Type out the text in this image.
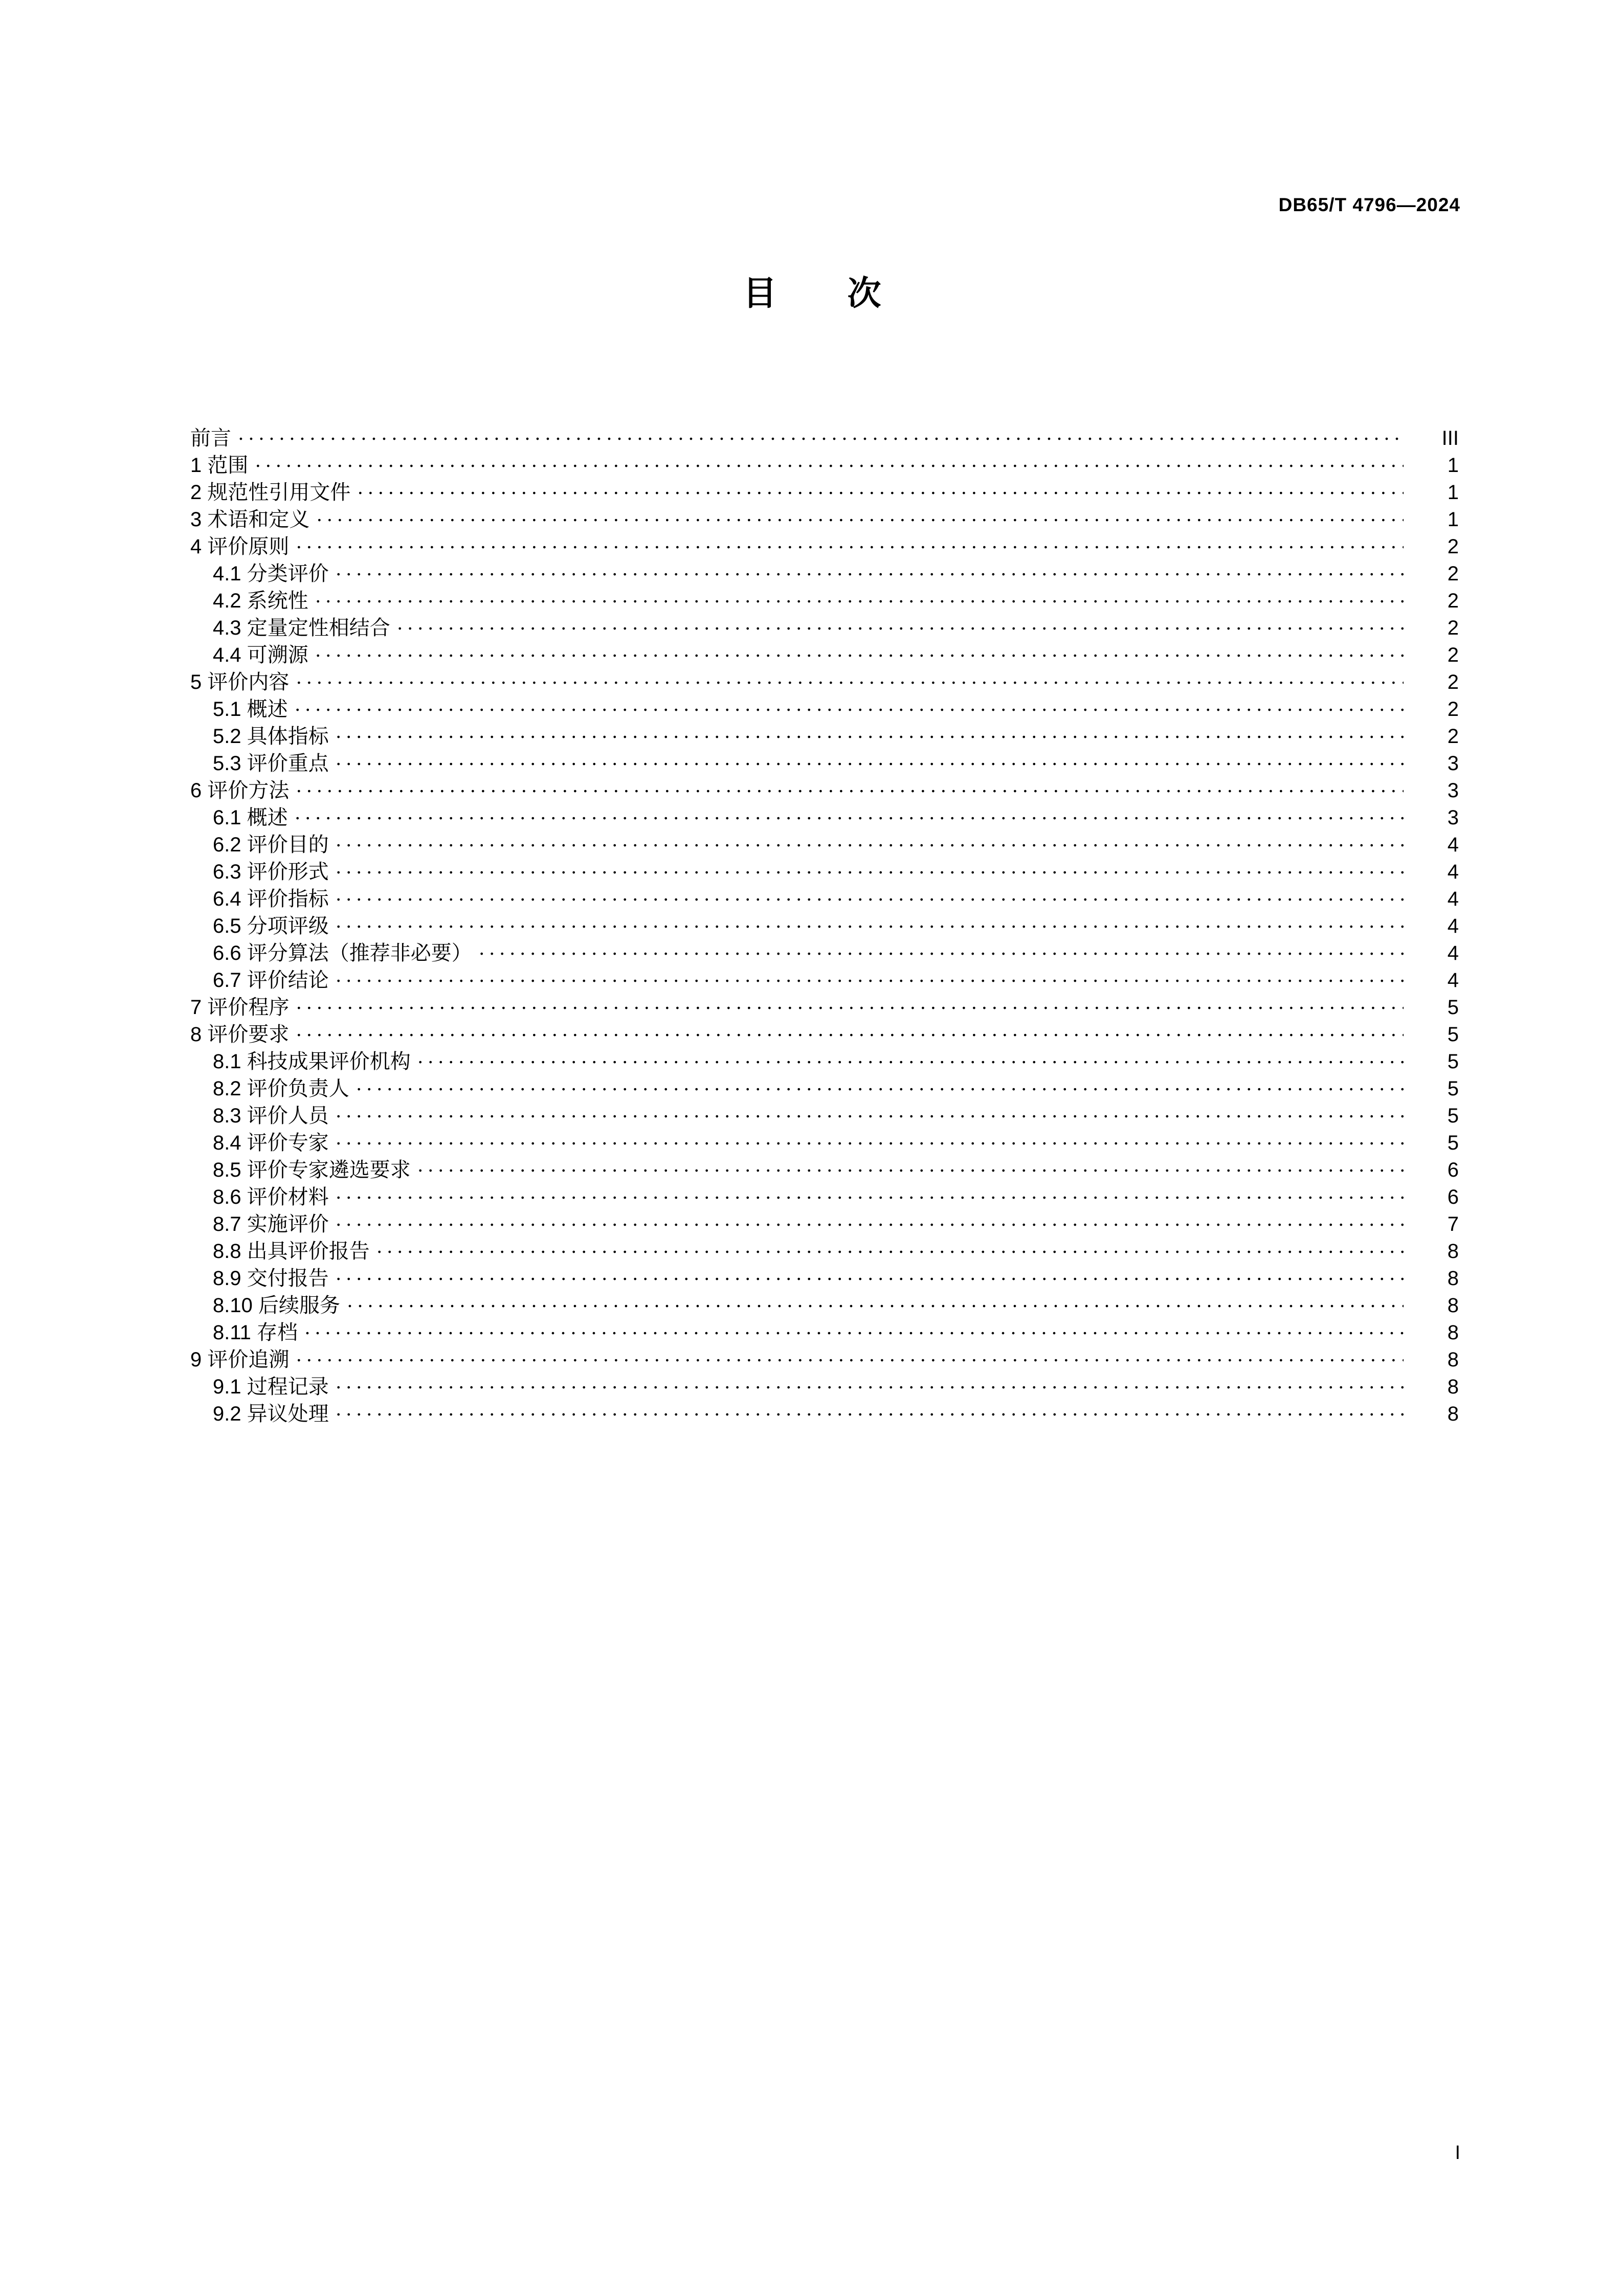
DB65/T 4796—2024
目　次
前言 . . .	III
1 范围 . . .	1
2 规范性引用文件 . . .	1
3 术语和定义 . . .	1
4 评价原则 . . .	2
4.1 分类评价 . . .	2
4.2 系统性 . . .	2
4.3 定量定性相结合 . . .	2
4.4 可溯源 . . .	2
5 评价内容 . . .	2
5.1 概述 . . .	2
5.2 具体指标 . . .	2
5.3 评价重点 . . .	3
6 评价方法 . . .	3
6.1 概述 . . .	3
6.2 评价目的 . . .	4
6.3 评价形式 . . .	4
6.4 评价指标 . . .	4
6.5 分项评级 . . .	4
6.6 评分算法（推荐非必要） . . .	4
6.7 评价结论 . . .	4
7 评价程序 . . .	5
8 评价要求 . . .	5
8.1 科技成果评价机构 . . .	5
8.2 评价负责人 . . .	5
8.3 评价人员 . . .	5
8.4 评价专家 . . .	5
8.5 评价专家遴选要求 . . .	6
8.6 评价材料 . . .	6
8.7 实施评价 . . .	7
8.8 出具评价报告 . . .	8
8.9 交付报告 . . .	8
8.10 后续服务 . . .	8
8.11 存档 . . .	8
9 评价追溯 . . .	8
9.1 过程记录 . . .	8
9.2 异议处理 . . .	8
I
